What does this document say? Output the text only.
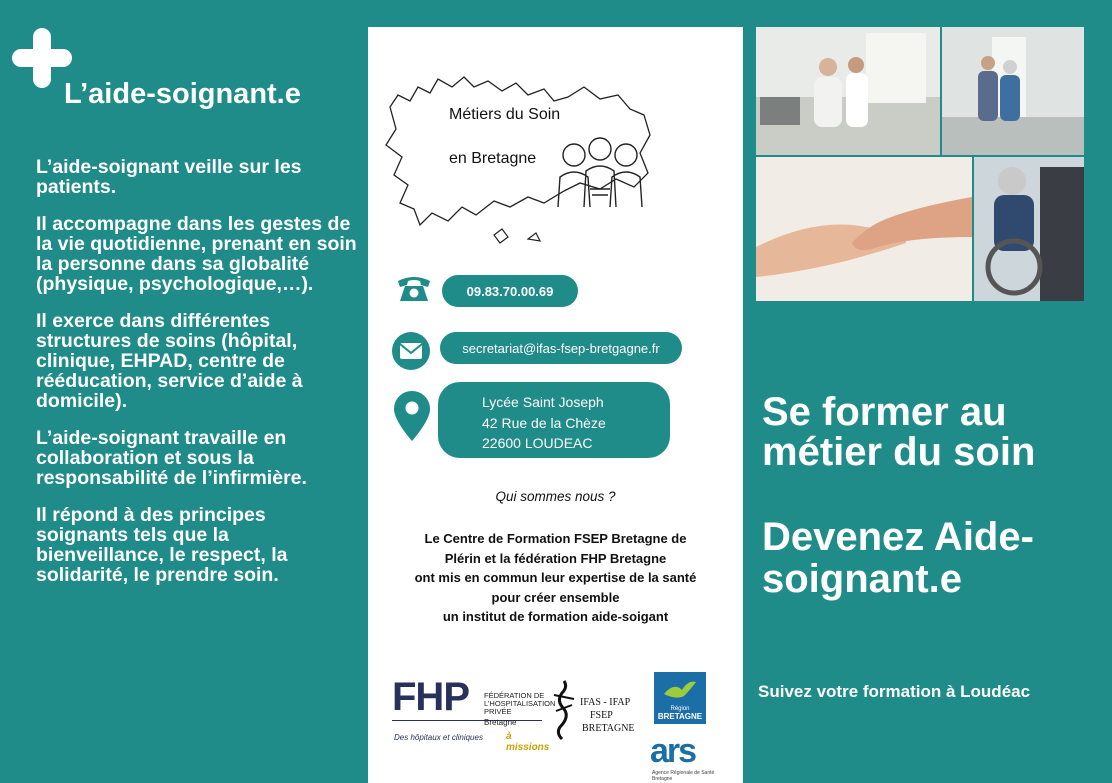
L’aide-soignant.e

L’aide-soignant veille sur les patients.

Il accompagne dans les gestes de la vie quotidienne, prenant en soin la personne dans sa globalité (physique, psychologique,…).

Il exerce dans différentes structures de soins (hôpital, clinique, EHPAD, centre de rééducation, service d’aide à domicile).

L’aide-soignant travaille en collaboration et sous la responsabilité de l’infirmière.

Il répond à des principes soignants tels que la bienveillance, le respect, la solidarité, le prendre soin.

Métiers du Soin
en Bretagne
09.83.70.00.69
secretariat@ifas-fsep-bretgagne.fr
Lycée Saint Joseph
42 Rue de la Chèze
22600 LOUDEAC
Qui sommes nous ?
Le Centre de Formation FSEP Bretagne de
Plérin et la fédération FHP Bretagne
ont mis en commun leur expertise de la santé
pour créer ensemble
un institut de formation aide-soigant
FHP FÉDÉRATION DE
L’HOSPITALISATION
PRIVÉE
Bretagne
Des hôpitaux et cliniques à missions
IFAS - IFAP
FSEP
BRETAGNE
Région
BRETAGNE
ars
Agence Régionale de Santé
Bretagne
Se former au métier du soin
Devenez Aide-soignant.e
Suivez votre formation à Loudéac
